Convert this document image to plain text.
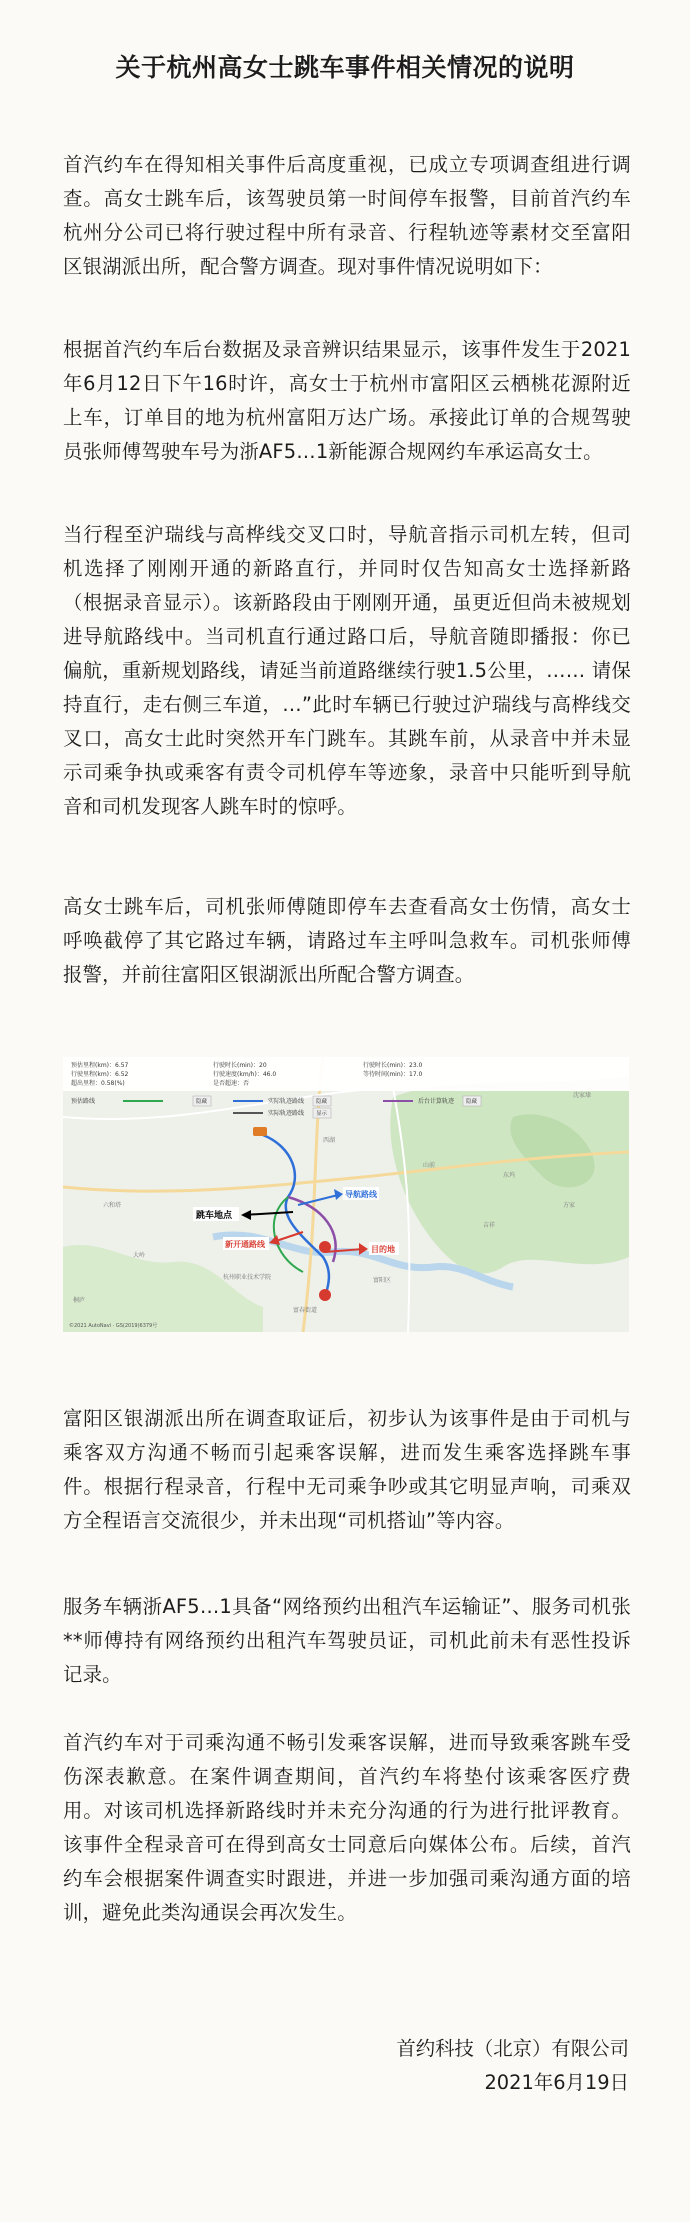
关于杭州高女士跳车事件相关情况的说明

首汽约车在得知相关事件后高度重视，已成立专项调查组进行调查。高女士跳车后，该驾驶员第一时间停车报警，目前首汽约车杭州分公司已将行驶过程中所有录音、行程轨迹等素材交至富阳区银湖派出所，配合警方调查。现对事件情况说明如下：

根据首汽约车后台数据及录音辨识结果显示，该事件发生于2021年6月12日下午16时许，高女士于杭州市富阳区云栖桃花源附近上车，订单目的地为杭州富阳万达广场。承接此订单的合规驾驶员张师傅驾驶车号为浙AF5…1新能源合规网约车承运高女士。

当行程至沪瑞线与高桦线交叉口时，导航音指示司机左转，但司机选择了刚刚开通的新路直行，并同时仅告知高女士选择新路（根据录音显示）。该新路段由于刚刚开通，虽更近但尚未被规划进导航路线中。当司机直行通过路口后，导航音随即播报：你已偏航，重新规划路线，请延当前道路继续行驶1.5公里，…… 请保持直行，走右侧三车道，…”此时车辆已行驶过沪瑞线与高桦线交叉口，高女士此时突然开车门跳车。其跳车前，从录音中并未显示司乘争执或乘客有责令司机停车等迹象，录音中只能听到导航音和司机发现客人跳车时的惊呼。

高女士跳车后，司机张师傅随即停车去查看高女士伤情，高女士呼唤截停了其它路过车辆，请路过车主呼叫急救车。司机张师傅报警，并前往富阳区银湖派出所配合警方调查。

预估里程(km)：6.57	行驶时长(min)：20	行驶时长(min)：23.0
行驶里程(km)：6.52	行驶速度(km/h)：46.0	等待时间(min)：17.0
超出里程：0.58(%)	是否超速：否
预估路线	隐藏	实际轨迹路线 隐藏	后台计算轨迹 隐藏
实际轨迹路线 显示
跳车地点
新开通路线
导航路线
目的地
六和塔
东坞
大岭
杭州职业技术学院	富阳区
沈家埭
吉祥
桐庐
山前
方家
西湖
富春街道
©2021 AutoNavi · GS(2019)6379号

富阳区银湖派出所在调查取证后，初步认为该事件是由于司机与乘客双方沟通不畅而引起乘客误解，进而发生乘客选择跳车事件。根据行程录音，行程中无司乘争吵或其它明显声响，司乘双方全程语言交流很少，并未出现“司机搭讪”等内容。

服务车辆浙AF5…1具备“网络预约出租汽车运输证”、服务司机张**师傅持有网络预约出租汽车驾驶员证，司机此前未有恶性投诉记录。

首汽约车对于司乘沟通不畅引发乘客误解，进而导致乘客跳车受伤深表歉意。在案件调查期间，首汽约车将垫付该乘客医疗费用。对该司机选择新路线时并未充分沟通的行为进行批评教育。该事件全程录音可在得到高女士同意后向媒体公布。后续，首汽约车会根据案件调查实时跟进，并进一步加强司乘沟通方面的培训，避免此类沟通误会再次发生。

首约科技（北京）有限公司
2021年6月19日
